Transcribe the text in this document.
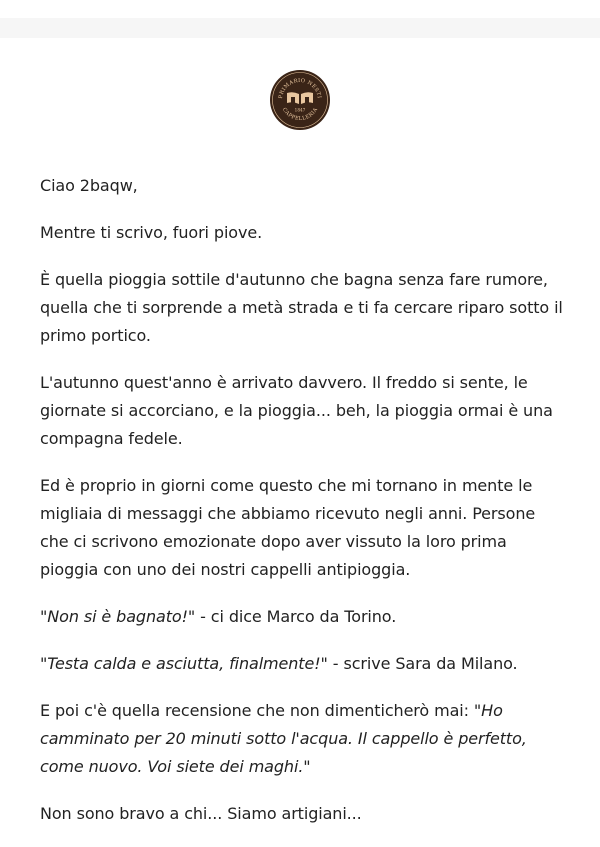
PRIMARIO NESTI
CAPPELLERIA
1847

Ciao 2baqw,

Mentre ti scrivo, fuori piove.

È quella pioggia sottile d'autunno che bagna senza fare rumore, quella che ti sorprende a metà strada e ti fa cercare riparo sotto il primo portico.

L'autunno quest'anno è arrivato davvero. Il freddo si sente, le giornate si accorciano, e la pioggia... beh, la pioggia ormai è una compagna fedele.

Ed è proprio in giorni come questo che mi tornano in mente le migliaia di messaggi che abbiamo ricevuto negli anni. Persone che ci scrivono emozionate dopo aver vissuto la loro prima pioggia con uno dei nostri cappelli antipioggia.

"Non si è bagnato!" - ci dice Marco da Torino.

"Testa calda e asciutta, finalmente!" - scrive Sara da Milano.

E poi c'è quella recensione che non dimenticherò mai: "Ho camminato per 20 minuti sotto l'acqua. Il cappello è perfetto, come nuovo. Voi siete dei maghi."

Non sono bravo a chi... Siamo artigiani...
